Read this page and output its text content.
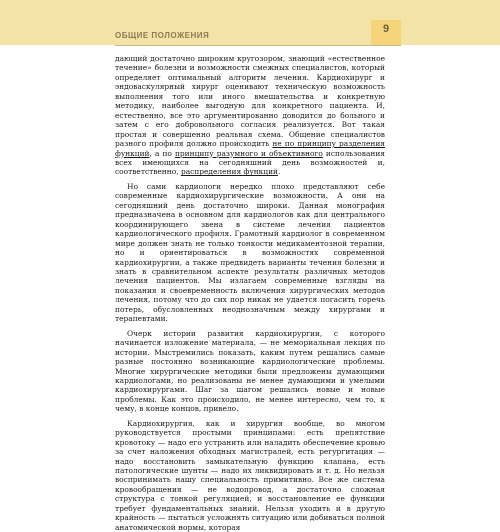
ОБЩИЕ ПОЛОЖЕНИЯ
9

дающий достаточно широким кругозором, знающий «естественное течение» болезни и возможности смежных специалистов, который определяет оптимальный алгоритм лечения. Кардиохирург и эндоваскулярный хирург оценивают техническую возможность выполнения того или иного вмешательства и конкретную методику, наиболее выгодную для конкретного пациента. И, естественно, все это аргументированно доводится до больного и затем с его добровольного согласия реализуется. Вот такая простая и совершенно реальная схема. Общение специалистов разного профиля должно происходить не по принципу разделения функций, а по принципу разумного и объективного использования всех имеющихся на сегодняшний день возможностей и, соответственно, распределения функций.

Но сами кардиологи нередко плохо представляют себе современные кардиохирургические возможности. А они на сегодняшний день достаточно широки. Данная монография предназначена в основном для кардиологов как для центрального координирующего звена в системе лечения пациентов кардиологического профиля. Грамотный кардиолог в современном мире должен знать не только тонкости медикаментозной терапии, но и ориентироваться в возможностях современной кардиохирургии, а также предвидеть варианты течения болезни и знать в сравнительном аспекте результаты различных методов лечения пациентов. Мы излагаем современные взгляды на показания и своевременность включения хирургических методов лечения, потому что до сих пор никак не удается погасить горечь потерь, обусловленных неоднозначным между хирургами и терапевтами.

Очерк истории развития кардиохирургии, с которого начинается изложение материала, — не мемориальная лекция по истории. Мыстремились показать, каким путем решались самые разные постоянно возникающие кардиологические проблемы. Многие хирургические методики были предложены думающими кардиологами, но реализованы не менее думающими и умелыми кардиохирургами. Шаг за шагом решались новые и новые проблемы. Как это происходило, не менее интересно, чем то, к чему, в конце концов, привело.

Кардиохирургия, как и хирургия вообще, во многом руководствуется простыми принципами: есть препятствие кровотоку — надо его устранить или наладить обеспечение кровью за счет наложения обходных магистралей, есть регургитация — надо восстановить замыкательную функцию клапана, есть патологические шунты — надо их ликвидировать и т. д. Но нельзя воспринимать нашу специальность примитивно. Все же система кровообращения — не водопровод, а достаточно сложная структура с тонкой регуляцией, и восстановление ее функции требует фундаментальных знаний. Нельзя уходить и в другую крайность — пытаться усложнять ситуацию или добиваться полной анатомической нормы, которая
